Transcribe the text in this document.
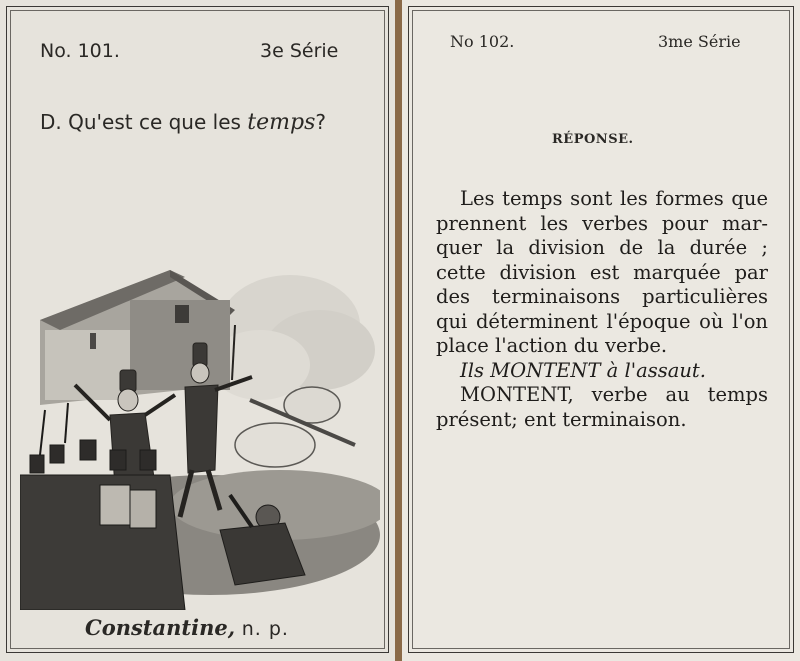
No. 101.	3e Série
D. Qu'est ce que les temps?
Constantine, n. p.
No 102.	3me Série
RÉPONSE.
Les temps sont les formes que
prennent les verbes pour mar-
quer la division de la durée ;
cette division est marquée par
des terminaisons particulières
qui déterminent l'époque où l'on
place l'action du verbe.
Ils MONTENT à l'assaut.
MONTENT, verbe au temps
présent; ent terminaison.
